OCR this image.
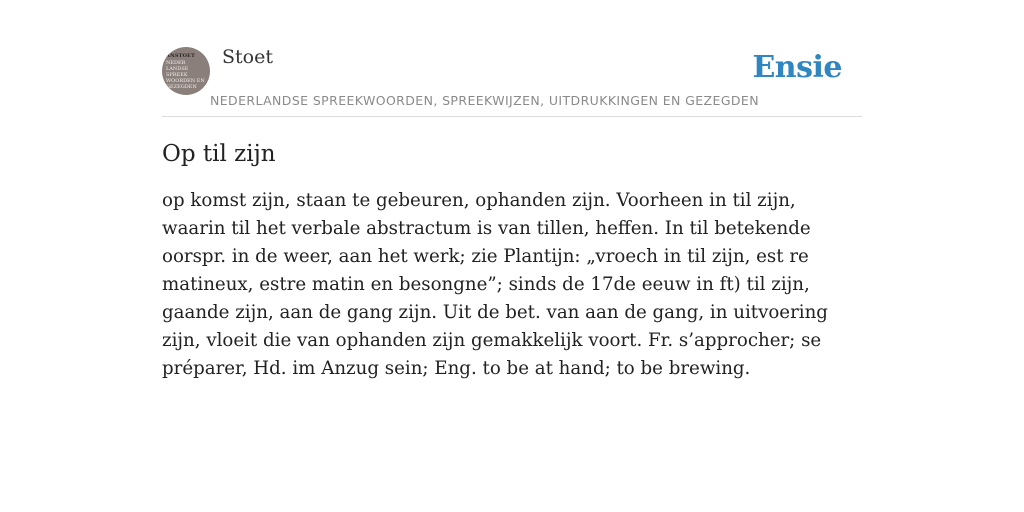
ANSTOET
NEDER
LANDSE
SPREEK
WOORDEN EN
GEZEGDEN
Stoet	Ensie
NEDERLANDSE SPREEKWOORDEN, SPREEKWIJZEN, UITDRUKKINGEN EN GEZEGDEN
Op til zijn

op komst zijn, staan te gebeuren, ophanden zijn. Voorheen in til zijn, waarin til het verbale abstractum is van tillen, heffen. In til betekende oorspr. in de weer, aan het werk; zie Plantijn: „vroech in til zijn, est re matineux, estre matin en besongne”; sinds de 17de eeuw in ft) til zijn, gaande zijn, aan de gang zijn. Uit de bet. van aan de gang, in uitvoering zijn, vloeit die van ophanden zijn gemakkelijk voort. Fr. s’approcher; se préparer, Hd. im Anzug sein; Eng. to be at hand; to be brewing.
